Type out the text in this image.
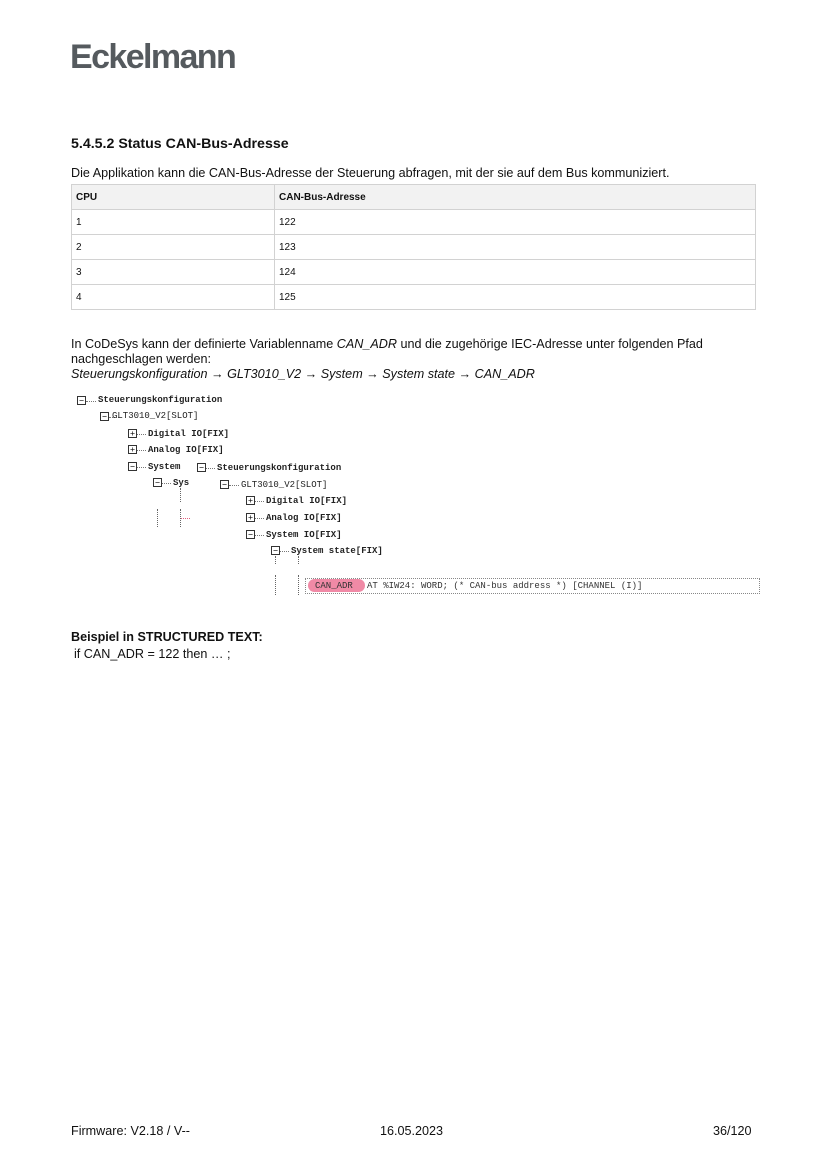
Eckelmann
5.4.5.2 Status CAN-Bus-Adresse
Die Applikation kann die CAN-Bus-Adresse der Steuerung abfragen, mit der sie auf dem Bus kommuniziert.
CPU	CAN-Bus-Adresse
1	122
2	123
3	124
4	125
In CoDeSys kann der definierte Variablenname CAN_ADR und die zugehörige IEC-Adresse unter folgenden Pfad nachgeschlagen werden:
Steuerungskonfiguration → GLT3010_V2 → System → System state → CAN_ADR
− Steuerungskonfiguration
− GLT3010_V2[SLOT]
+ Digital IO[FIX]
+ Analog IO[FIX]
− System
− Sys
− Steuerungskonfiguration
− GLT3010_V2[SLOT]
+ Digital IO[FIX]
+ Analog IO[FIX]
− System IO[FIX]
− System state[FIX]
CAN_ADR AT %IW24: WORD; (* CAN-bus address *) [CHANNEL (I)]
Beispiel in STRUCTURED TEXT:
if CAN_ADR = 122 then … ;
Firmware: V2.18 / V--	16.05.2023	36/120
